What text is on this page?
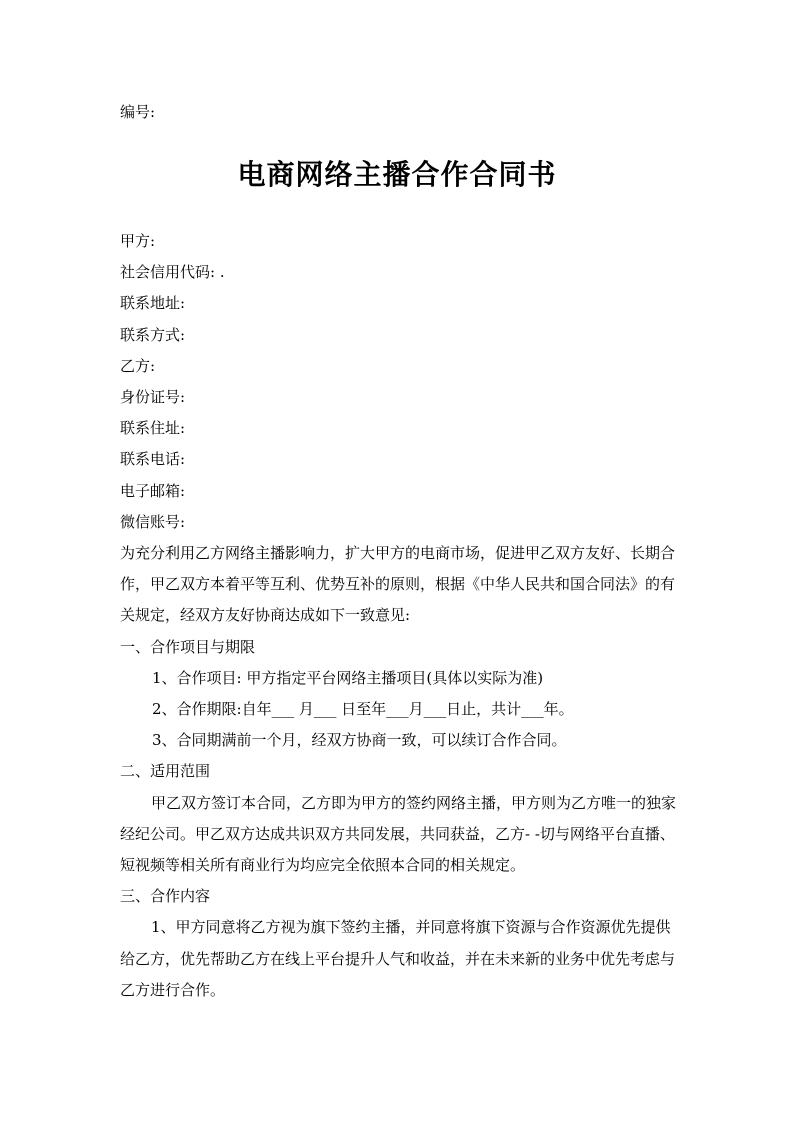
编号:
电商网络主播合作合同书
甲方:
社会信用代码: .
联系地址:
联系方式:
乙方:
身份证号:
联系住址:
联系电话:
电子邮箱:
微信账号:
为充分利用乙方网络主播影响力，扩大甲方的电商市场，促进甲乙双方友好、长期合作，甲乙双方本着平等互利、优势互补的原则，根据《中华人民共和国合同法》的有关规定，经双方友好协商达成如下一致意见:
一、合作项目与期限
1、合作项目: 甲方指定平台网络主播项目(具体以实际为准)
2、合作期限:自年___ 月___ 日至年___月___日止，共计___年。
3、合同期满前一个月，经双方协商一致，可以续订合作合同。
二、适用范围
甲乙双方签订本合同，乙方即为甲方的签约网络主播，甲方则为乙方唯一的独家经纪公司。甲乙双方达成共识双方共同发展，共同获益，乙方- -切与网络平台直播、短视频等相关所有商业行为均应完全依照本合同的相关规定。
三、合作内容
1、甲方同意将乙方视为旗下签约主播，并同意将旗下资源与合作资源优先提供给乙方，优先帮助乙方在线上平台提升人气和收益，并在未来新的业务中优先考虑与乙方进行合作。
